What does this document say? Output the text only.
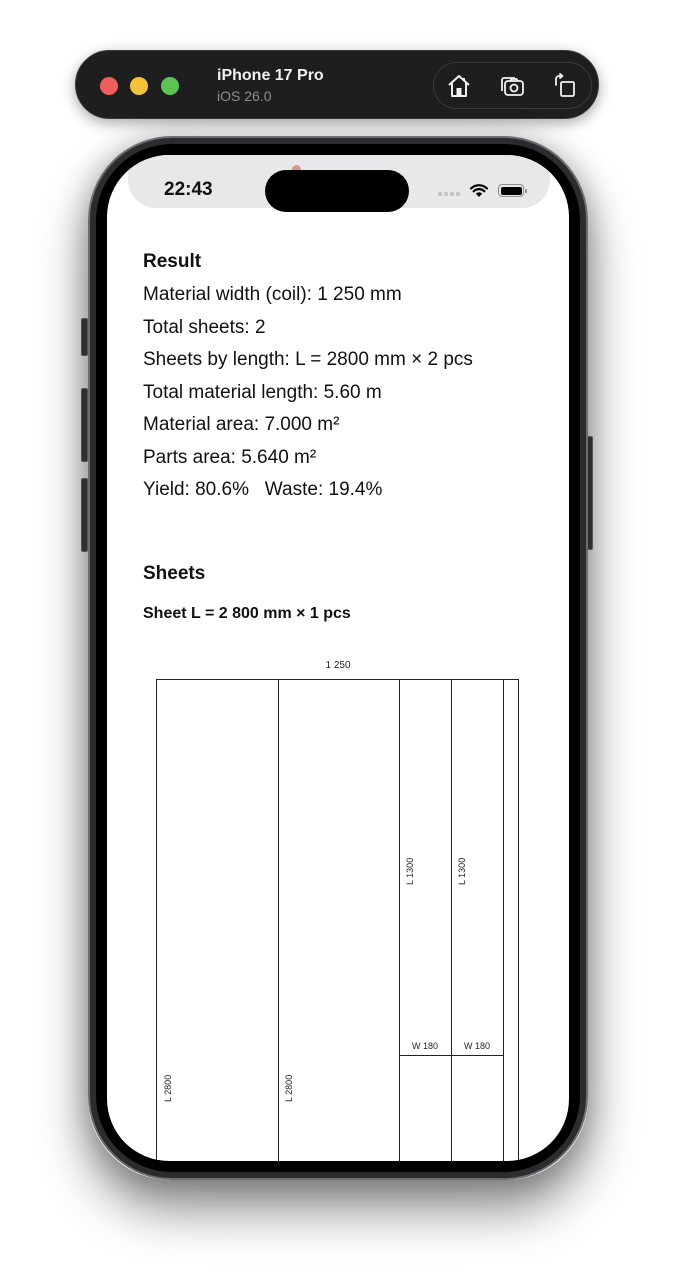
iPhone 17 Pro
iOS 26.0
22:43
Result
Material width (coil): 1 250 mm
Total sheets: 2
Sheets by length: L = 2800 mm × 2 pcs
Total material length: 5.60 m
Material area: 7.000 m²
Parts area: 5.640 m²
Yield: 80.6%   Waste: 19.4%
Sheets
Sheet L = 2 800 mm × 1 pcs
1 250
L 2800	L 2800
L 1300	L 1300
W 180	W 180
